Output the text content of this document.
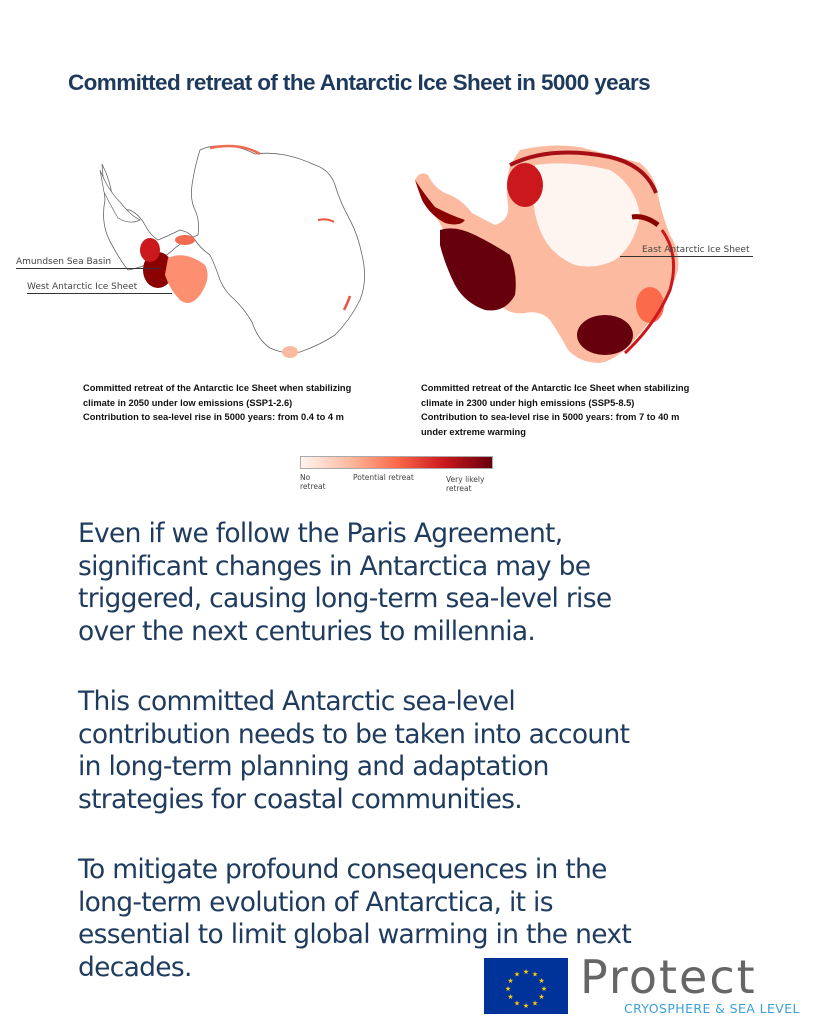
Committed retreat of the Antarctic Ice Sheet in 5000 years
Amundsen Sea Basin
West Antarctic Ice Sheet
East Antarctic Ice Sheet
Committed retreat of the Antarctic Ice Sheet when stabilizing
climate in 2050 under low emissions (SSP1-2.6)
Contribution to sea-level rise in 5000 years: from 0.4 to 4 m
Committed retreat of the Antarctic Ice Sheet when stabilizing
climate in 2300 under high emissions (SSP5-8.5)
Contribution to sea-level rise in 5000 years: from 7 to 40 m
under extreme warming
No
retreat
Potential retreat	Very likely
retreat
Even if we follow the Paris Agreement,
significant changes in Antarctica may be
triggered, causing long-term sea-level rise
over the next centuries to millennia.
This committed Antarctic sea-level
contribution needs to be taken into account
in long-term planning and adaptation
strategies for coastal communities.
To mitigate profound consequences in the
long-term evolution of Antarctica, it is
essential to limit global warming in the next
decades.	★ ★
★
★
★
★
★
★
★
★
★
★ Protect
CRYOSPHERE & SEA LEVEL
